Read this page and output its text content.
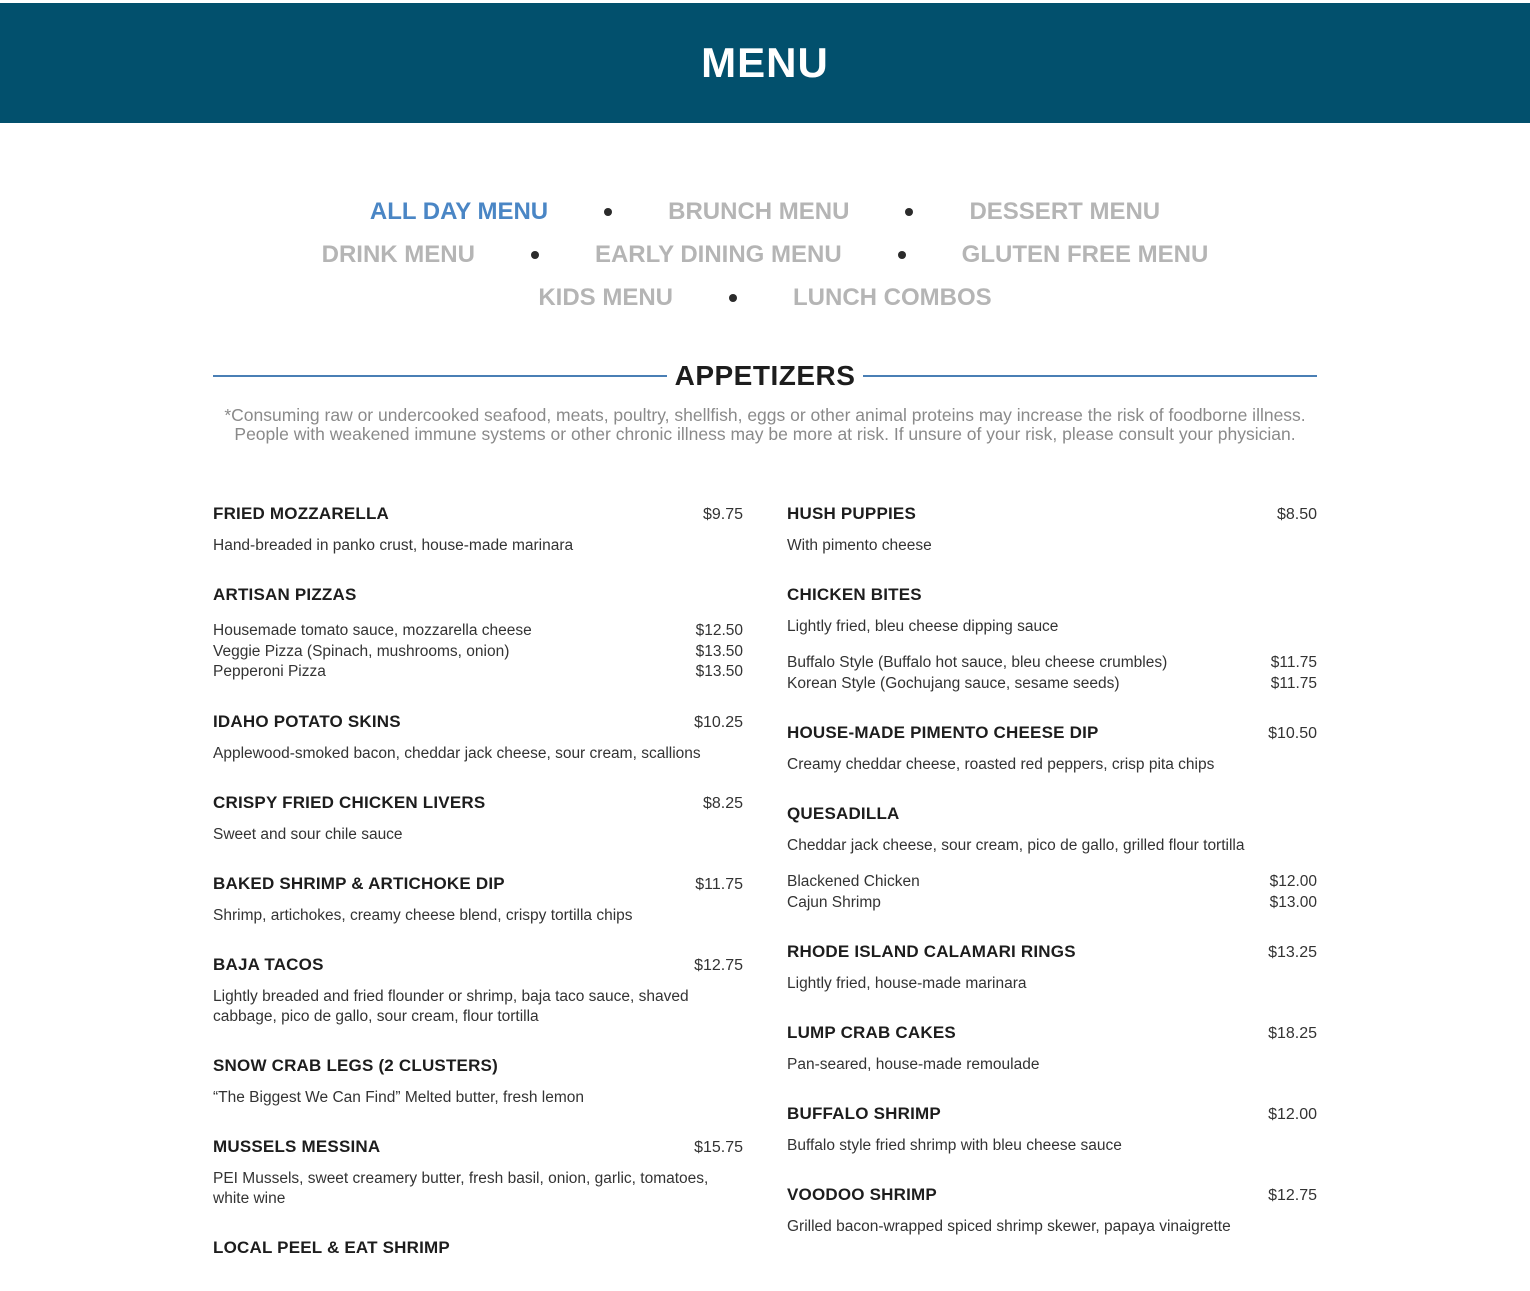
MENU
ALL DAY MENU	BRUNCH MENU	DESSERT MENU
DRINK MENU	EARLY DINING MENU	GLUTEN FREE MENU
KIDS MENU	LUNCH COMBOS
APPETIZERS

*Consuming raw or undercooked seafood, meats, poultry, shellfish, eggs or other animal proteins may increase the risk of foodborne illness. People with weakened immune systems or other chronic illness may be more at risk. If unsure of your risk, please consult your physician.

FRIED MOZZARELLA	$9.75
Hand-breaded in panko crust, house-made marinara
ARTISAN PIZZAS
Housemade tomato sauce, mozzarella cheese	$12.50
Veggie Pizza (Spinach, mushrooms, onion)	$13.50
Pepperoni Pizza	$13.50
IDAHO POTATO SKINS	$10.25
Applewood-smoked bacon, cheddar jack cheese, sour cream, scallions
CRISPY FRIED CHICKEN LIVERS	$8.25
Sweet and sour chile sauce
BAKED SHRIMP & ARTICHOKE DIP	$11.75
Shrimp, artichokes, creamy cheese blend, crispy tortilla chips
BAJA TACOS	$12.75
Lightly breaded and fried flounder or shrimp, baja taco sauce, shaved cabbage, pico de gallo, sour cream, flour tortilla
SNOW CRAB LEGS (2 CLUSTERS)
“The Biggest We Can Find” Melted butter, fresh lemon
MUSSELS MESSINA	$15.75
PEI Mussels, sweet creamery butter, fresh basil, onion, garlic, tomatoes, white wine
LOCAL PEEL & EAT SHRIMP
HUSH PUPPIES	$8.50
With pimento cheese
CHICKEN BITES
Lightly fried, bleu cheese dipping sauce
Buffalo Style (Buffalo hot sauce, bleu cheese crumbles)	$11.75
Korean Style (Gochujang sauce, sesame seeds)	$11.75
HOUSE-MADE PIMENTO CHEESE DIP	$10.50
Creamy cheddar cheese, roasted red peppers, crisp pita chips
QUESADILLA
Cheddar jack cheese, sour cream, pico de gallo, grilled flour tortilla
Blackened Chicken	$12.00
Cajun Shrimp	$13.00
RHODE ISLAND CALAMARI RINGS	$13.25
Lightly fried, house-made marinara
LUMP CRAB CAKES	$18.25
Pan-seared, house-made remoulade
BUFFALO SHRIMP	$12.00
Buffalo style fried shrimp with bleu cheese sauce
VOODOO SHRIMP	$12.75
Grilled bacon-wrapped spiced shrimp skewer, papaya vinaigrette
